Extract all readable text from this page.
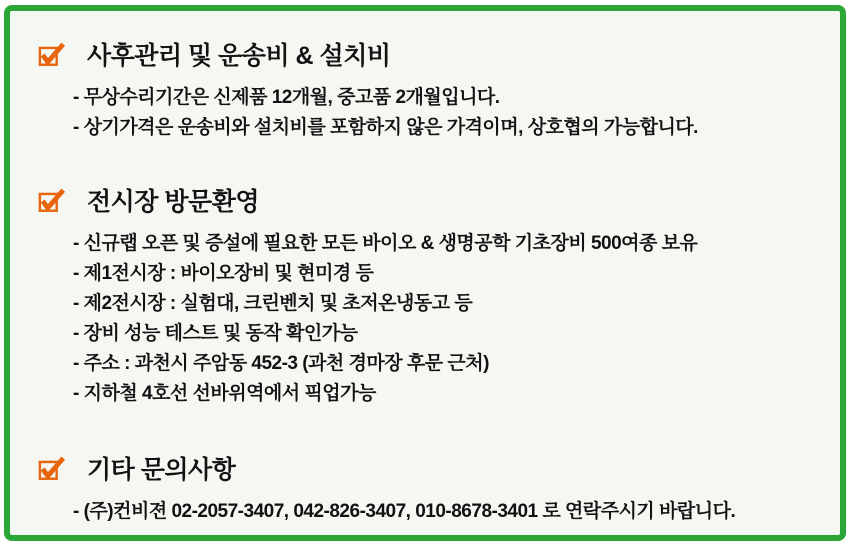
사후관리 및 운송비 & 설치비
- 무상수리기간은 신제품 12개월, 중고품 2개월입니다.
- 상기가격은 운송비와 설치비를 포함하지 않은 가격이며, 상호협의 가능합니다.
전시장 방문환영
- 신규랩 오픈 및 증설에 필요한 모든 바이오 & 생명공학 기초장비 500여종 보유
- 제1전시장 : 바이오장비 및 현미경 등
- 제2전시장 : 실험대, 크린벤치 및 초저온냉동고 등
- 장비 성능 테스트 및 동작 확인가능
- 주소 : 과천시 주암동 452-3 (과천 경마장 후문 근처)
- 지하철 4호선 선바위역에서 픽업가능
기타 문의사항
- (주)컨비젼 02-2057-3407, 042-826-3407, 010-8678-3401 로 연락주시기 바랍니다.
